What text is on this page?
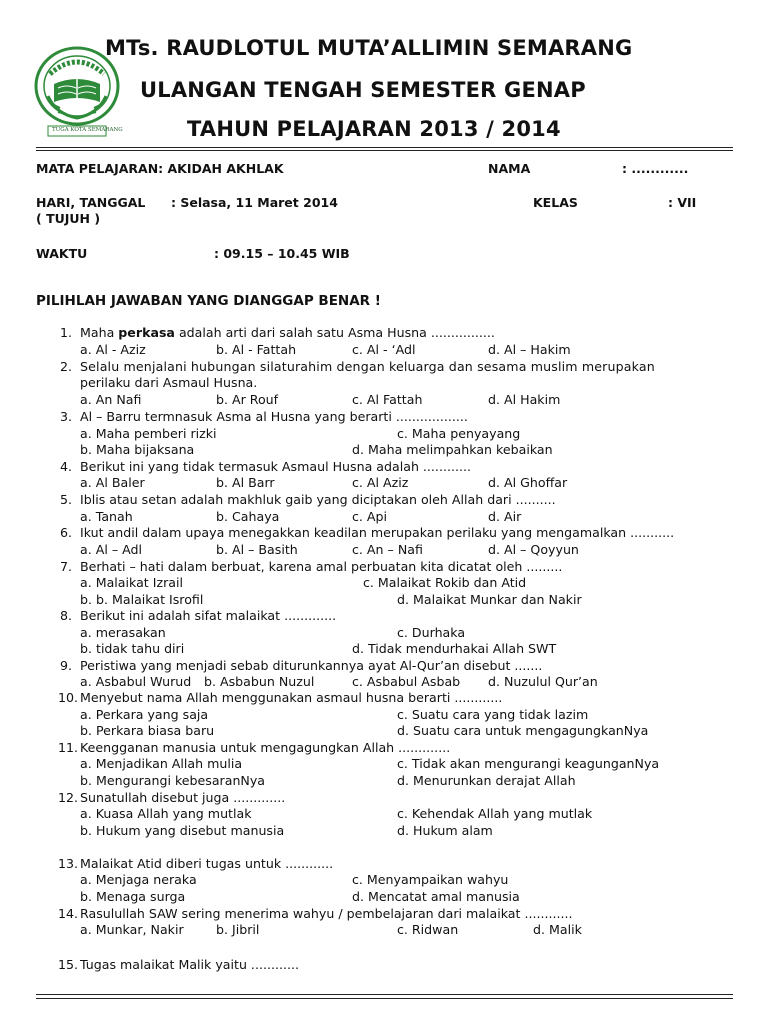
TUGA KOTA SEMARANG
MTs. RAUDLOTUL MUTA’ALLIMIN SEMARANG
ULANGAN TENGAH SEMESTER GENAP
TAHUN PELAJARAN 2013 / 2014
MATA PELAJARAN: AKIDAH AKHLAK	NAMA	: ............
HARI, TANGGAL : Selasa, 11 Maret 2014	KELAS	: VII
( TUJUH )
WAKTU	: 09.15 – 10.45 WIB
PILIHLAH JAWABAN YANG DIANGGAP BENAR !
1. Maha perkasa adalah arti dari salah satu Asma Husna ................
a. Al - Aziz	b. Al - Fattah	c. Al - ‘Adl	d. Al – Hakim
2. Selalu menjalani hubungan silaturahim dengan keluarga dan sesama muslim merupakan
perilaku dari Asmaul Husna.
a. An Nafi	b. Ar Rouf	c. Al Fattah	d. Al Hakim
3. Al – Barru termnasuk Asma al Husna yang berarti ..................
a. Maha pemberi rizki	c. Maha penyayang
b. Maha bijaksana	d. Maha melimpahkan kebaikan
4. Berikut ini yang tidak termasuk Asmaul Husna adalah ............
a. Al Baler	b. Al Barr	c. Al Aziz	d. Al Ghoffar
5. Iblis atau setan adalah makhluk gaib yang diciptakan oleh Allah dari ..........
a. Tanah	b. Cahaya	c. Api	d. Air
6. Ikut andil dalam upaya menegakkan keadilan merupakan perilaku yang mengamalkan ...........
a. Al – Adl	b. Al – Basith	c. An – Nafi	d. Al – Qoyyun
7. Berhati – hati dalam berbuat, karena amal perbuatan kita dicatat oleh .........
a. Malaikat Izrail	c. Malaikat Rokib dan Atid
b. b. Malaikat Isrofil	d. Malaikat Munkar dan Nakir
8. Berikut ini adalah sifat malaikat .............
a. merasakan	c. Durhaka
b. tidak tahu diri	d. Tidak mendurhakai Allah SWT
9. Peristiwa yang menjadi sebab diturunkannya ayat Al-Qur’an disebut .......
a. Asbabul Wurud b. Asbabun Nuzul	c. Asbabul Asbab d. Nuzulul Qur’an
10. Menyebut nama Allah menggunakan asmaul husna berarti ............
a. Perkara yang saja	c. Suatu cara yang tidak lazim
b. Perkara biasa baru	d. Suatu cara untuk mengagungkanNya
11. Keengganan manusia untuk mengagungkan Allah .............
a. Menjadikan Allah mulia	c. Tidak akan mengurangi keagunganNya
b. Mengurangi kebesaranNya	d. Menurunkan derajat Allah
12. Sunatullah disebut juga .............
a. Kuasa Allah yang mutlak	c. Kehendak Allah yang mutlak
b. Hukum yang disebut manusia	d. Hukum alam
13. Malaikat Atid diberi tugas untuk ............
a. Menjaga neraka	c. Menyampaikan wahyu
b. Menaga surga	d. Mencatat amal manusia
14. Rasulullah SAW sering menerima wahyu / pembelajaran dari malaikat ............
a. Munkar, Nakir	b. Jibril	c. Ridwan	d. Malik
15. Tugas malaikat Malik yaitu ............
